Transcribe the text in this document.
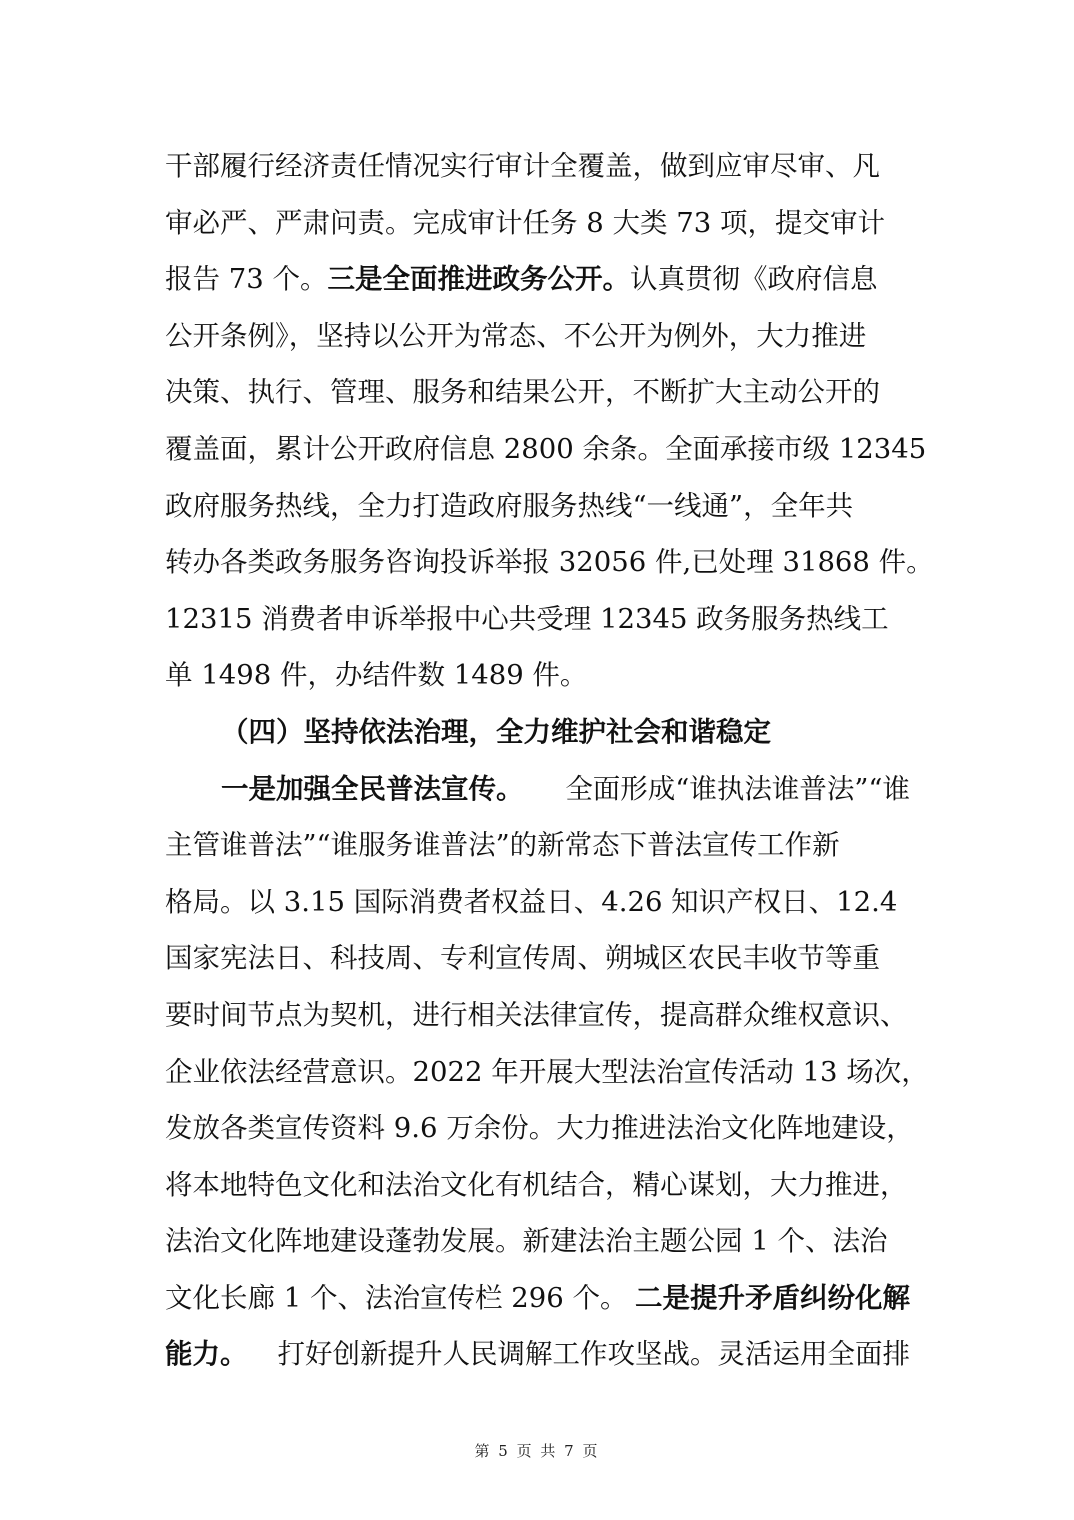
干部履行经济责任情况实行审计全覆盖，做到应审尽审、凡
审必严、严肃问责。完成审计任务 8 大类 73 项，提交审计
报告 73 个。三是全面推进政务公开。认真贯彻《政府信息
公开条例》，坚持以公开为常态、不公开为例外，大力推进
决策、执行、管理、服务和结果公开，不断扩大主动公开的
覆盖面，累计公开政府信息 2800 余条。全面承接市级 12345
政府服务热线，全力打造政府服务热线“一线通”，全年共
转办各类政务服务咨询投诉举报 32056 件,已处理 31868 件。
12315 消费者申诉举报中心共受理 12345 政务服务热线工
单 1498 件，办结件数 1489 件。
（四）坚持依法治理，全力维护社会和谐稳定
一是加强全民普法宣传。 全面形成“谁执法谁普法”“谁
主管谁普法”“谁服务谁普法”的新常态下普法宣传工作新
格局。以 3.15 国际消费者权益日、4.26 知识产权日、12.4
国家宪法日、科技周、专利宣传周、朔城区农民丰收节等重
要时间节点为契机，进行相关法律宣传，提高群众维权意识、
企业依法经营意识。2022 年开展大型法治宣传活动 13 场次，
发放各类宣传资料 9.6 万余份。大力推进法治文化阵地建设，
将本地特色文化和法治文化有机结合，精心谋划，大力推进，
法治文化阵地建设蓬勃发展。新建法治主题公园 1 个、法治
文化长廊 1 个、法治宣传栏 296 个。 二是提升矛盾纠纷化解
能力。 打好创新提升人民调解工作攻坚战。灵活运用全面排
第 5 页 共 7 页
